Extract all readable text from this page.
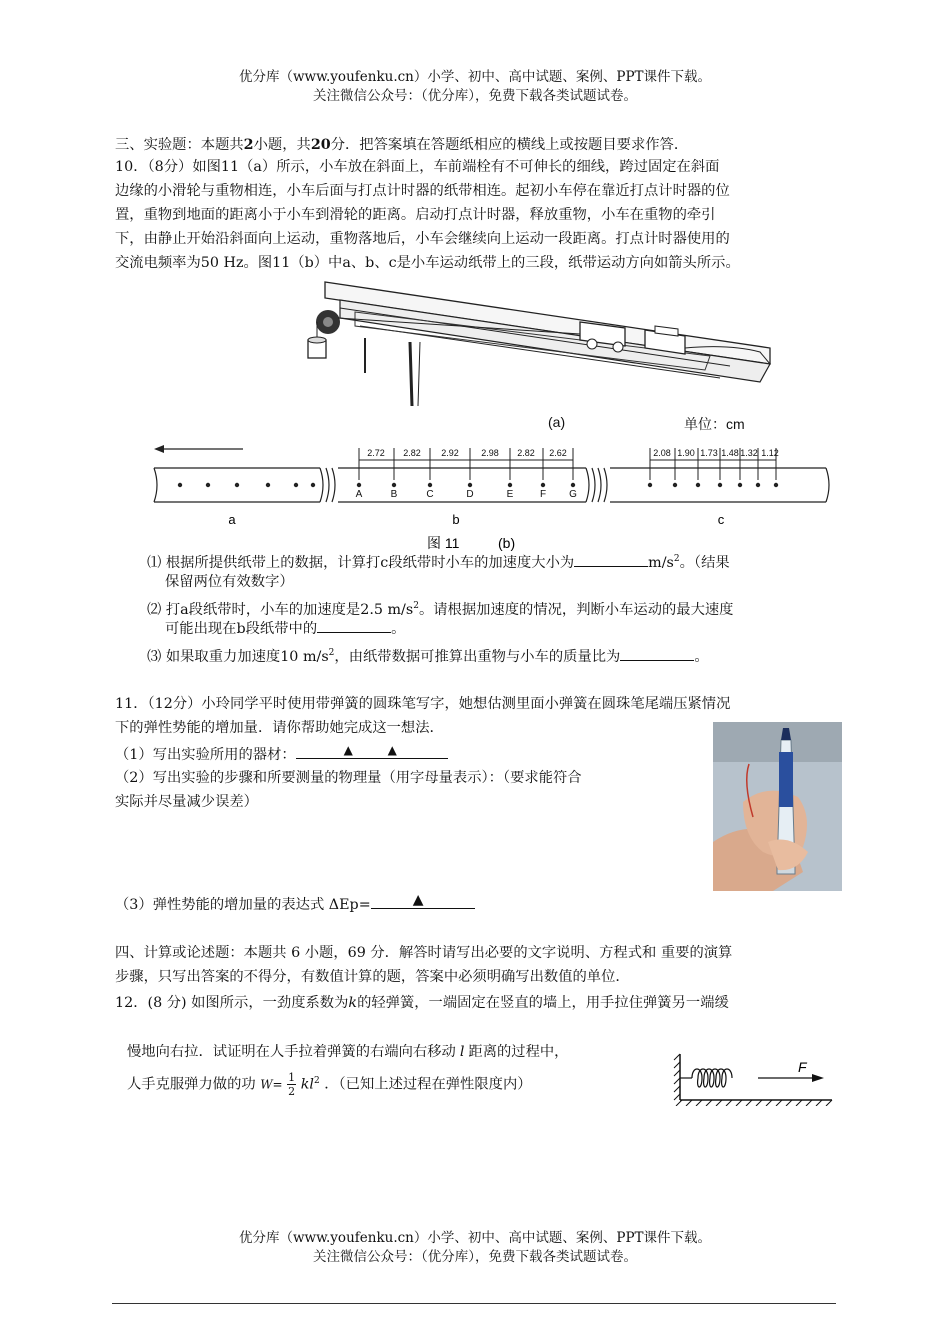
优分库（www.youfenku.cn）小学、初中、高中试题、案例、PPT课件下载。
关注微信公众号：（优分库），免费下载各类试题试卷。
三、实验题：本题共2小题，共20分．把答案填在答题纸相应的横线上或按题目要求作答．
10．（8分）如图11（a）所示，小车放在斜面上，车前端栓有不可伸长的细线，跨过固定在斜面
边缘的小滑轮与重物相连，小车后面与打点计时器的纸带相连。起初小车停在靠近打点计时器的位
置，重物到地面的距离小于小车到滑轮的距离。启动打点计时器，释放重物，小车在重物的牵引
下，由静止开始沿斜面向上运动，重物落地后，小车会继续向上运动一段距离。打点计时器使用的
交流电频率为50 Hz。图11（b）中a、b、c是小车运动纸带上的三段，纸带运动方向如箭头所示。
(a)	单位：cm
2.72 2.82 2.92 2.98 2.82 2.62
A	B	C	D	E	F G
2.08 1.90 1.73 1.48 1.32 1.12
a	b	c
图 11	(b)
⑴ 根据所提供纸带上的数据，计算打c段纸带时小车的加速度大小为	$m/s^2$。（结果
保留两位有效数字）
⑵ 打a段纸带时，小车的加速度是2.5 $m/s^2$。请根据加速度的情况，判断小车运动的最大速度
可能出现在b段纸带中的	。
⑶ 如果取重力加速度10 $m/s^2$，由纸带数据可推算出重物与小车的质量比为	。
11．（12分）小玲同学平时使用带弹簧的圆珠笔写字，她想估测里面小弹簧在圆珠笔尾端压紧情况
下的弹性势能的增加量．请你帮助她完成这一想法．
（1）写出实验所用的器材：	▲	▲
（2）写出实验的步骤和所要测量的物理量（用字母量表示）：（要求能符合
实际并尽量减少误差）
（3）弹性势能的增加量的表达式 ΔEp=	▲
四、计算或论述题：本题共 6 小题，69 分．解答时请写出必要的文字说明、方程式和 重要的演算
步骤，只写出答案的不得分，有数值计算的题，答案中必须明确写出数值的单位．
12．(8 分) 如图所示，一劲度系数为k的轻弹簧，一端固定在竖直的墙上，用手拉住弹簧另一端缓
慢地向右拉．试证明在人手拉着弹簧的右端向右移动 l 距离的过程中，
人手克服弹力做的功 $W= \frac{1}{2} kl^2$ ．（已知上述过程在弹性限度内）
F
优分库（www.youfenku.cn）小学、初中、高中试题、案例、PPT课件下载。
关注微信公众号：（优分库），免费下载各类试题试卷。
